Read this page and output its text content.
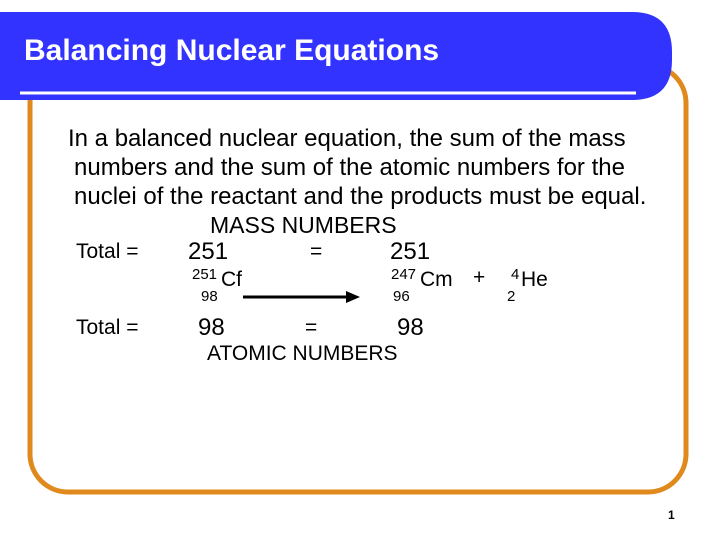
Balancing Nuclear Equations
In a balanced nuclear equation, the sum of the mass
numbers and the sum of the atomic numbers for the
nuclei of the reactant and the products must be equal.
MASS NUMBERS
Total = 251	=	251
251 Cf
98
247 Cm
96
+ 4 He
2
Total = 98	=	98
ATOMIC NUMBERS
1
